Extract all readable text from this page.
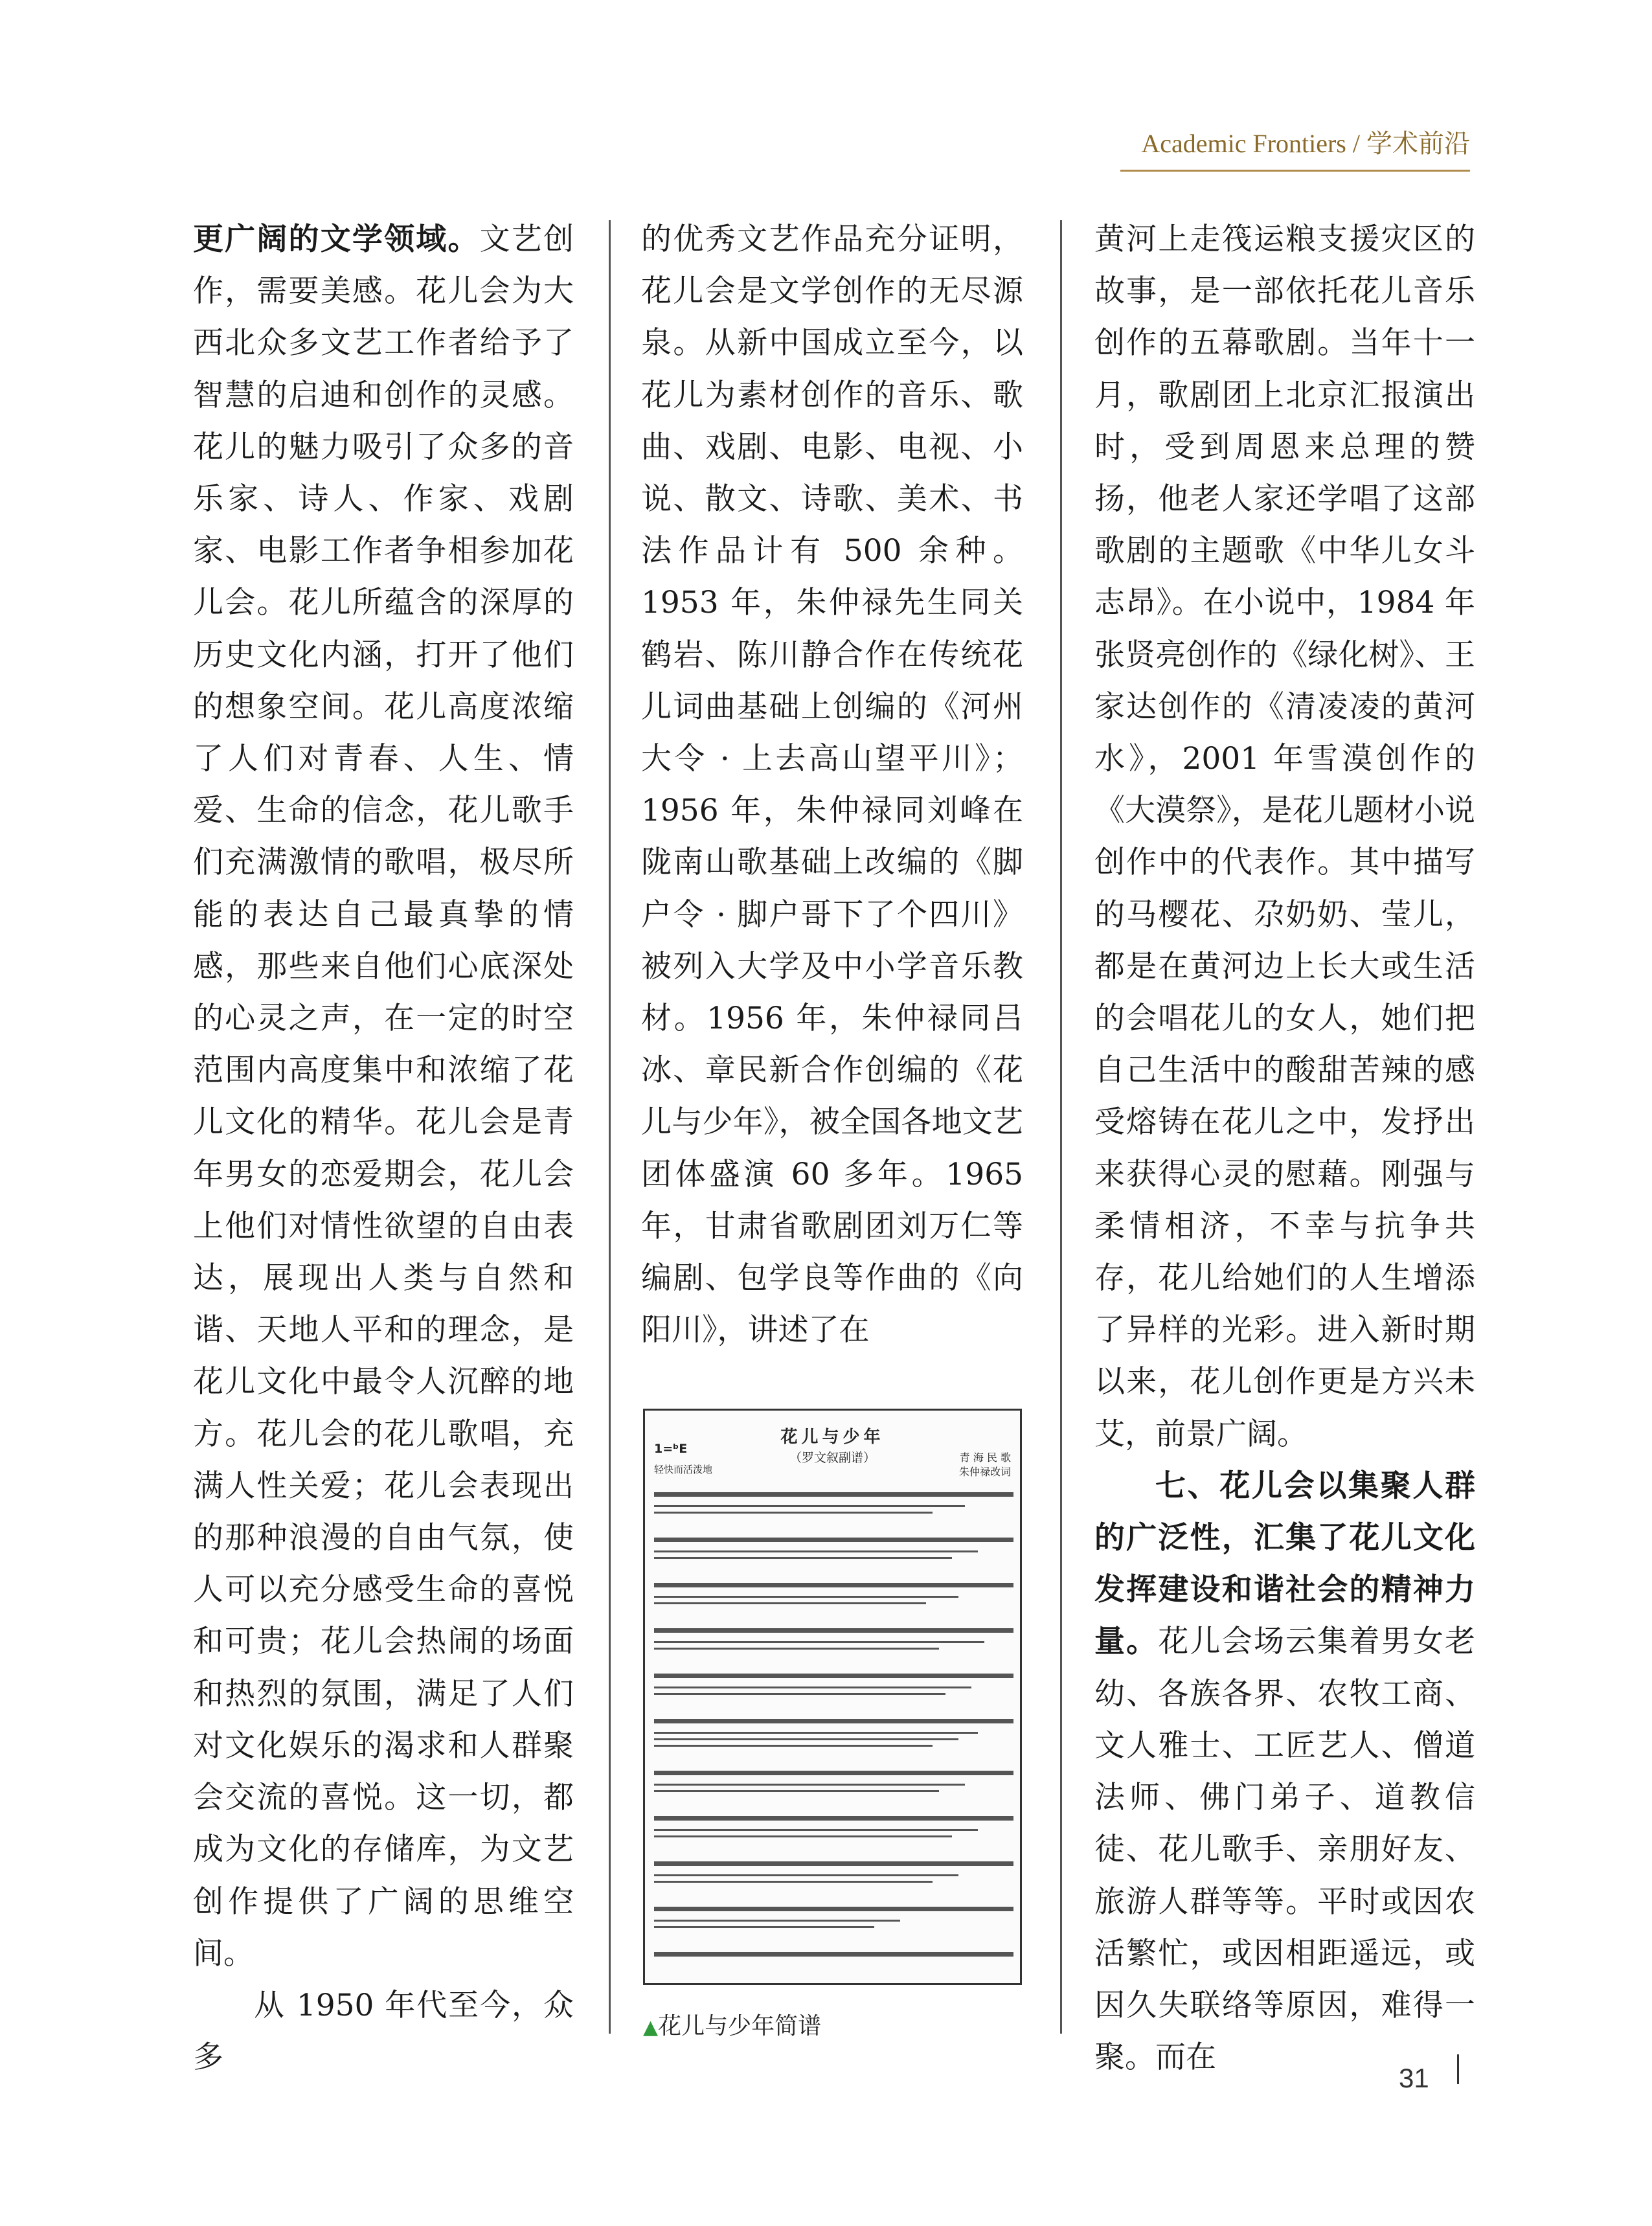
Academic Frontiers / 学术前沿

更广阔的文学领域。文艺创作，需要美感。花儿会为大西北众多文艺工作者给予了智慧的启迪和创作的灵感。花儿的魅力吸引了众多的音乐家、诗人、作家、戏剧家、电影工作者争相参加花儿会。花儿所蕴含的深厚的历史文化内涵，打开了他们的想象空间。花儿高度浓缩了人们对青春、人生、情爱、生命的信念，花儿歌手们充满激情的歌唱，极尽所能的表达自己最真挚的情感，那些来自他们心底深处的心灵之声，在一定的时空范围内高度集中和浓缩了花儿文化的精华。花儿会是青年男女的恋爱期会，花儿会上他们对情性欲望的自由表达，展现出人类与自然和谐、天地人平和的理念，是花儿文化中最令人沉醉的地方。花儿会的花儿歌唱，充满人性关爱；花儿会表现出的那种浪漫的自由气氛，使人可以充分感受生命的喜悦和可贵；花儿会热闹的场面和热烈的氛围，满足了人们对文化娱乐的渴求和人群聚会交流的喜悦。这一切，都成为文化的存储库，为文艺创作提供了广阔的思维空间。

从 1950 年代至今，众多

的优秀文艺作品充分证明，花儿会是文学创作的无尽源泉。从新中国成立至今，以花儿为素材创作的音乐、歌曲、戏剧、电影、电视、小说、散文、诗歌、美术、书法作品计有 500 余种。1953 年，朱仲禄先生同关鹤岩、陈川静合作在传统花儿词曲基础上创编的《河州大令 · 上去高山望平川》；1956 年，朱仲禄同刘峰在陇南山歌基础上改编的《脚户令 · 脚户哥下了个四川》被列入大学及中小学音乐教材。1956 年，朱仲禄同吕冰、章民新合作创编的《花儿与少年》，被全国各地文艺团体盛演 60 多年。1965 年，甘肃省歌剧团刘万仁等编剧、包学良等作曲的《向阳川》，讲述了在

黄河上走筏运粮支援灾区的故事，是一部依托花儿音乐创作的五幕歌剧。当年十一月，歌剧团上北京汇报演出时，受到周恩来总理的赞扬，他老人家还学唱了这部歌剧的主题歌《中华儿女斗志昂》。在小说中，1984 年张贤亮创作的《绿化树》、王家达创作的《清凌凌的黄河水》，2001 年雪漠创作的《大漠祭》，是花儿题材小说创作中的代表作。其中描写的马樱花、尕奶奶、莹儿，都是在黄河边上长大或生活的会唱花儿的女人，她们把自己生活中的酸甜苦辣的感受熔铸在花儿之中，发抒出来获得心灵的慰藉。刚强与柔情相济，不幸与抗争共存，花儿给她们的人生增添了异样的光彩。进入新时期以来，花儿创作更是方兴未艾，前景广阔。

七、花儿会以集聚人群的广泛性，汇集了花儿文化发挥建设和谐社会的精神力量。花儿会场云集着男女老幼、各族各界、农牧工商、文人雅士、工匠艺人、僧道法师、佛门弟子、道教信徒、花儿歌手、亲朋好友、旅游人群等等。平时或因农活繁忙，或因相距遥远，或因久失联络等原因，难得一聚。而在

花儿与少年
（罗文叙副谱）
1=ᵇE
轻快而活泼地
青 海 民 歌
朱仲禄改词
▲花儿与少年简谱
31
